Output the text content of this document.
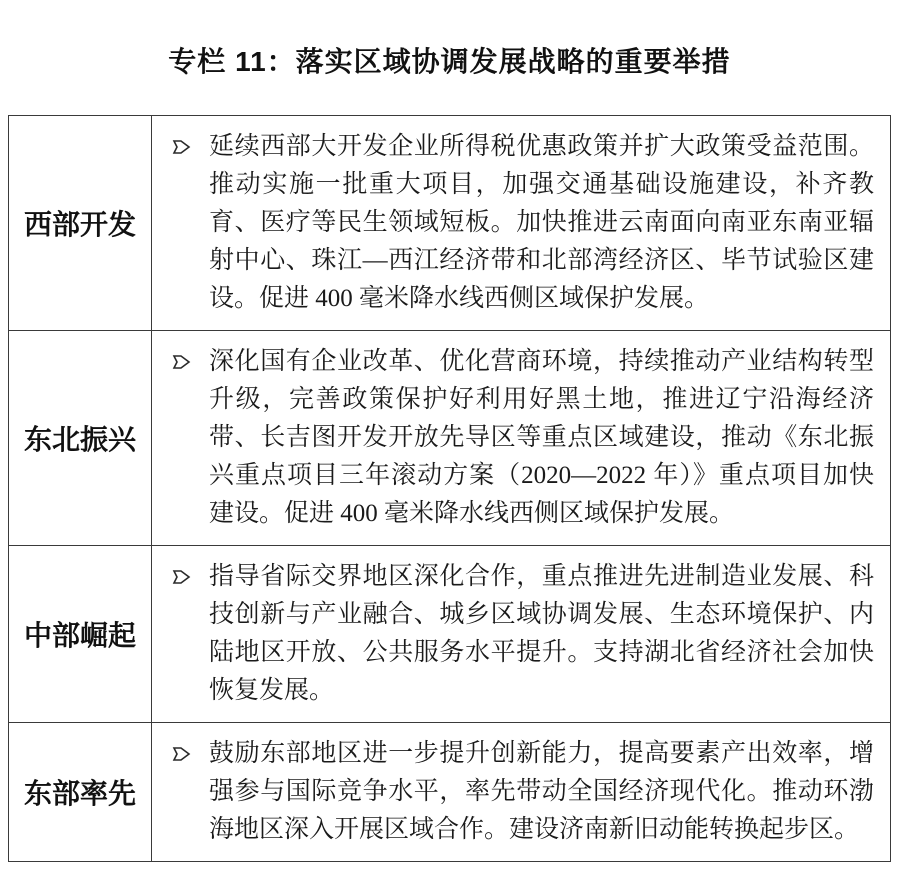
专栏 11：落实区域协调发展战略的重要举措
西部开发
延续西部大开发企业所得税优惠政策并扩大政策受益范围。推动实施一批重大项目，加强交通基础设施建设，补齐教育、医疗等民生领域短板。加快推进云南面向南亚东南亚辐射中心、珠江—西江经济带和北部湾经济区、毕节试验区建设。促进 400 毫米降水线西侧区域保护发展。
东北振兴
深化国有企业改革、优化营商环境，持续推动产业结构转型升级，完善政策保护好利用好黑土地，推进辽宁沿海经济带、长吉图开发开放先导区等重点区域建设，推动《东北振兴重点项目三年滚动方案（2020—2022 年）》重点项目加快建设。促进 400 毫米降水线西侧区域保护发展。
中部崛起
指导省际交界地区深化合作，重点推进先进制造业发展、科技创新与产业融合、城乡区域协调发展、生态环境保护、内陆地区开放、公共服务水平提升。支持湖北省经济社会加快恢复发展。
东部率先
鼓励东部地区进一步提升创新能力，提高要素产出效率，增强参与国际竞争水平，率先带动全国经济现代化。推动环渤海地区深入开展区域合作。建设济南新旧动能转换起步区。
